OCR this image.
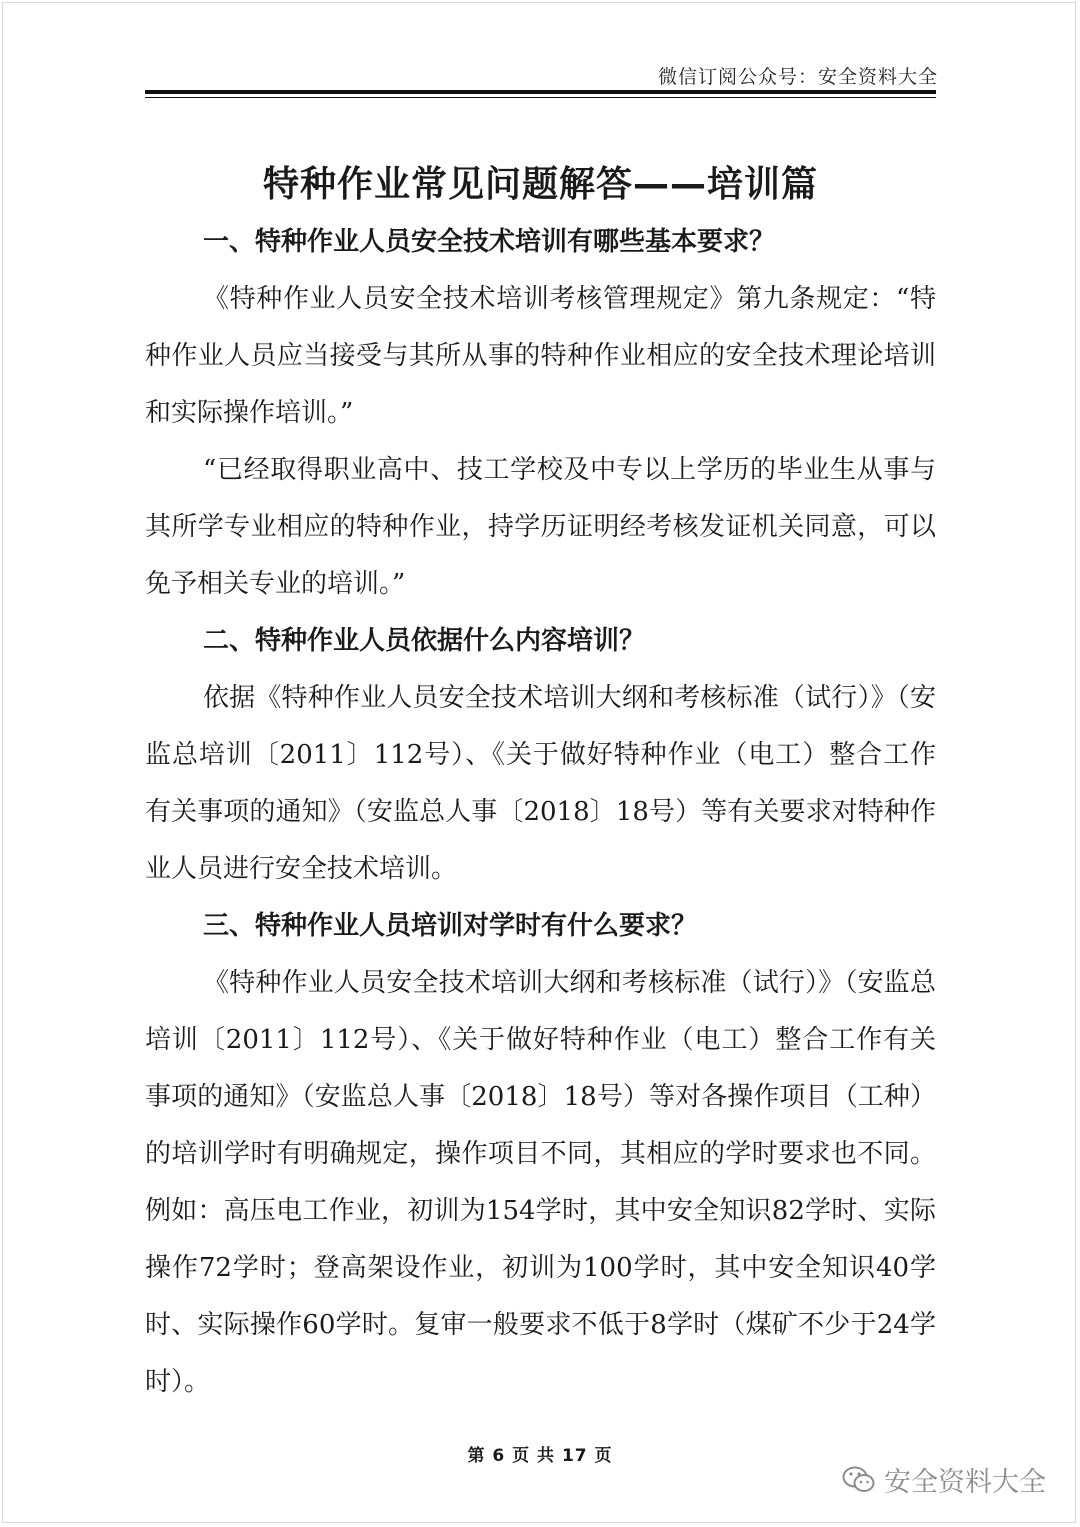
微信订阅公众号：安全资料大全
特种作业常见问题解答——培训篇
一、特种作业人员安全技术培训有哪些基本要求？
《特种作业人员安全技术培训考核管理规定》第九条规定：“特种作业人员应当接受与其所从事的特种作业相应的安全技术理论培训和实际操作培训。”
“已经取得职业高中、技工学校及中专以上学历的毕业生从事与其所学专业相应的特种作业，持学历证明经考核发证机关同意，可以免予相关专业的培训。”
二、特种作业人员依据什么内容培训？
依据《特种作业人员安全技术培训大纲和考核标准（试行）》（安监总培训〔2011〕112号）、《关于做好特种作业（电工）整合工作有关事项的通知》（安监总人事〔2018〕18号）等有关要求对特种作业人员进行安全技术培训。
三、特种作业人员培训对学时有什么要求？
《特种作业人员安全技术培训大纲和考核标准（试行）》（安监总培训〔2011〕112号）、《关于做好特种作业（电工）整合工作有关事项的通知》（安监总人事〔2018〕18号）等对各操作项目（工种）的培训学时有明确规定，操作项目不同，其相应的学时要求也不同。例如：高压电工作业，初训为154学时，其中安全知识82学时、实际操作72学时；登高架设作业，初训为100学时，其中安全知识40学时、实际操作60学时。复审一般要求不低于8学时（煤矿不少于24学时）。
第 6 页 共 17 页
安全资料大全
